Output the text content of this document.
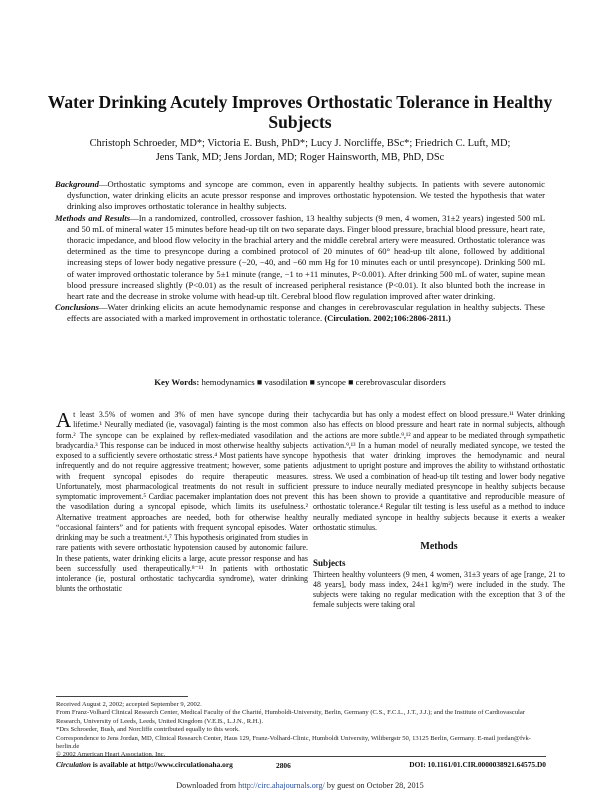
Water Drinking Acutely Improves Orthostatic Tolerance in Healthy Subjects
Christoph Schroeder, MD*; Victoria E. Bush, PhD*; Lucy J. Norcliffe, BSc*; Friedrich C. Luft, MD;
Jens Tank, MD; Jens Jordan, MD; Roger Hainsworth, MB, PhD, DSc

Background—Orthostatic symptoms and syncope are common, even in apparently healthy subjects. In patients with severe autonomic dysfunction, water drinking elicits an acute pressor response and improves orthostatic hypotension. We tested the hypothesis that water drinking also improves orthostatic tolerance in healthy subjects.

Methods and Results—In a randomized, controlled, crossover fashion, 13 healthy subjects (9 men, 4 women, 31±2 years) ingested 500 mL and 50 mL of mineral water 15 minutes before head-up tilt on two separate days. Finger blood pressure, brachial blood pressure, heart rate, thoracic impedance, and blood flow velocity in the brachial artery and the middle cerebral artery were measured. Orthostatic tolerance was determined as the time to presyncope during a combined protocol of 20 minutes of 60° head-up tilt alone, followed by additional increasing steps of lower body negative pressure (−20, −40, and −60 mm Hg for 10 minutes each or until presyncope). Drinking 500 mL of water improved orthostatic tolerance by 5±1 minute (range, −1 to +11 minutes, P<0.001). After drinking 500 mL of water, supine mean blood pressure increased slightly (P<0.01) as the result of increased peripheral resistance (P<0.01). It also blunted both the increase in heart rate and the decrease in stroke volume with head-up tilt. Cerebral blood flow regulation improved after water drinking.

Conclusions—Water drinking elicits an acute hemodynamic response and changes in cerebrovascular regulation in healthy subjects. These effects are associated with a marked improvement in orthostatic tolerance. (Circulation. 2002;106:2806-2811.)

Key Words: hemodynamics ■ vasodilation ■ syncope ■ cerebrovascular disorders

At least 3.5% of women and 3% of men have syncope during their lifetime.¹ Neurally mediated (ie, vasovagal) fainting is the most common form.² The syncope can be explained by reflex-mediated vasodilation and bradycardia.³ This response can be induced in most otherwise healthy subjects exposed to a sufficiently severe orthostatic stress.⁴ Most patients have syncope infrequently and do not require aggressive treatment; however, some patients with frequent syncopal episodes do require therapeutic measures. Unfortunately, most pharmacological treatments do not result in sufficient symptomatic improvement.⁵ Cardiac pacemaker implantation does not prevent the vasodilation during a syncopal episode, which limits its usefulness.² Alternative treatment approaches are needed, both for otherwise healthy “occasional fainters” and for patients with frequent syncopal episodes. Water drinking may be such a treatment.⁶,⁷ This hypothesis originated from studies in rare patients with severe orthostatic hypotension caused by autonomic failure. In these patients, water drinking elicits a large, acute pressor response and has been successfully used therapeutically.⁸⁻¹¹ In patients with orthostatic intolerance (ie, postural orthostatic tachycardia syndrome), water drinking blunts the orthostatic

tachycardia but has only a modest effect on blood pressure.¹¹ Water drinking also has effects on blood pressure and heart rate in normal subjects, although the actions are more subtle.⁹,¹² and appear to be mediated through sympathetic activation.⁹,¹³ In a human model of neurally mediated syncope, we tested the hypothesis that water drinking improves the hemodynamic and neural adjustment to upright posture and improves the ability to withstand orthostatic stress. We used a combination of head-up tilt testing and lower body negative pressure to induce neurally mediated presyncope in healthy subjects because this has been shown to provide a quantitative and reproducible measure of orthostatic tolerance.⁴ Regular tilt testing is less useful as a method to induce neurally mediated syncope in healthy subjects because it exerts a weaker orthostatic stimulus.

Methods
Subjects

Thirteen healthy volunteers (9 men, 4 women, 31±3 years of age [range, 21 to 48 years], body mass index, 24±1 kg/m²) were included in the study. The subjects were taking no regular medication with the exception that 3 of the female subjects were taking oral

Received August 2, 2002; accepted September 9, 2002.

From Franz-Volhard Clinical Research Center, Medical Faculty of the Charité, Humboldt-University, Berlin, Germany (C.S., F.C.L., J.T., J.J.); and the Institute of Cardiovascular Research, University of Leeds, Leeds, United Kingdom (V.E.B., L.J.N., R.H.).

*Drs Schroeder, Bush, and Norcliffe contributed equally to this work.

Correspondence to Jens Jordan, MD, Clinical Research Center, Haus 129, Franz-Volhard-Clinic, Humboldt University, Wiltbergstr 50, 13125 Berlin, Germany. E-mail jordan@fvk-berlin.de

© 2002 American Heart Association, Inc.

Circulation is available at http://www.circulationaha.org	2806	DOI: 10.1161/01.CIR.0000038921.64575.D0
Downloaded from http://circ.ahajournals.org/ by guest on October 28, 2015
